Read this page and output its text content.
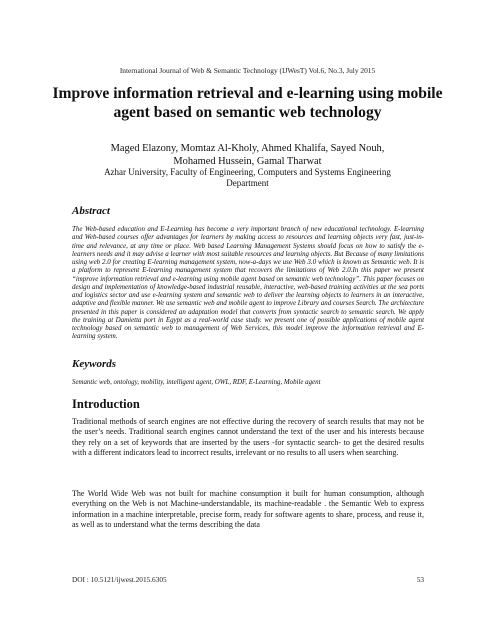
International Journal of Web & Semantic Technology (IJWesT) Vol.6, No.3, July 2015
Improve information retrieval and e-learning using mobile agent based on semantic web technology
Maged Elazony, Momtaz Al-Kholy, Ahmed Khalifa, Sayed Nouh,
Mohamed Hussein, Gamal Tharwat
Azhar University, Faculty of Engineering, Computers and Systems Engineering
Department
Abstract

The Web-based education and E-Learning has become a very important branch of new educational technology. E-learning and Web-based courses offer advantages for learners by making access to resources and learning objects very fast, just-in-time and relevance, at any time or place. Web based Learning Management Systems should focus on how to satisfy the e-learners needs and it may advise a learner with most suitable resources and learning objects. But Because of many limitations using web 2.0 for creating E-learning management system, now-a-days we use Web 3.0 which is known as Semantic web. It is a platform to represent E-learning management system that recovers the limitations of Web 2.0.In this paper we present “improve information retrieval and e-learning using mobile agent based on semantic web technology”. This paper focuses on design and implementation of knowledge-based industrial reusable, interactive, web-based training activities at the sea ports and logistics sector and use e-learning system and semantic web to deliver the learning objects to learners in an interactive, adaptive and flexible manner. We use semantic web and mobile agent to improve Library and courses Search. The architecture presented in this paper is considered an adaptation model that converts from syntactic search to semantic search. We apply the training at Damietta port in Egypt as a real-world case study. we present one of possible applications of mobile agent technology based on semantic web to management of Web Services, this model improve the information retrieval and E-learning system.

Keywords

Semantic web, ontology, mobility, intelligent agent, OWL, RDF, E-Learning, Mobile agent

Introduction

Traditional methods of search engines are not effective during the recovery of search results that may not be the user’s needs. Traditional search engines cannot understand the text of the user and his interests because they rely on a set of keywords that are inserted by the users -for syntactic search- to get the desired results with a different indicators lead to incorrect results, irrelevant or no results to all users when searching.

The World Wide Web was not built for machine consumption it built for human consumption, although everything on the Web is not Machine-understandable, its machine-readable . the Semantic Web to express information in a machine interpretable, precise form, ready for software agents to share, process, and reuse it, as well as to understand what the terms describing the data

DOI : 10.5121/ijwest.2015.6305	53
